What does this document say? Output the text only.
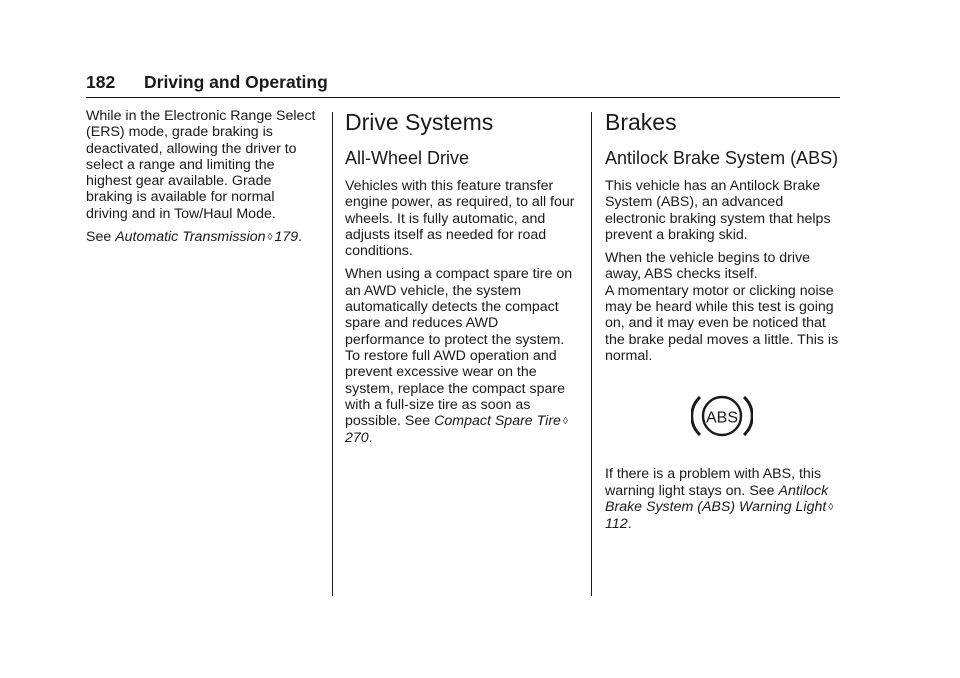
182 Driving and Operating

While in the Electronic Range Select (ERS) mode, grade braking is deactivated, allowing the driver to select a range and limiting the highest gear available. Grade braking is available for normal driving and in Tow/Haul Mode.

See Automatic Transmission ◊ 179.

Drive Systems
All-Wheel Drive

Vehicles with this feature transfer engine power, as required, to all four wheels. It is fully automatic, and adjusts itself as needed for road conditions.

When using a compact spare tire on an AWD vehicle, the system automatically detects the compact spare and reduces AWD performance to protect the system. To restore full AWD operation and prevent excessive wear on the system, replace the compact spare with a full-size tire as soon as possible. See Compact Spare Tire ◊270.

Brakes
Antilock Brake System (ABS)

This vehicle has an Antilock Brake System (ABS), an advanced electronic braking system that helps prevent a braking skid.

When the vehicle begins to drive away, ABS checks itself.

A momentary motor or clicking noise may be heard while this test is going on, and it may even be noticed that the brake pedal moves a little. This is normal.

ABS

If there is a problem with ABS, this warning light stays on. See Antilock Brake System (ABS) Warning Light ◊112.
